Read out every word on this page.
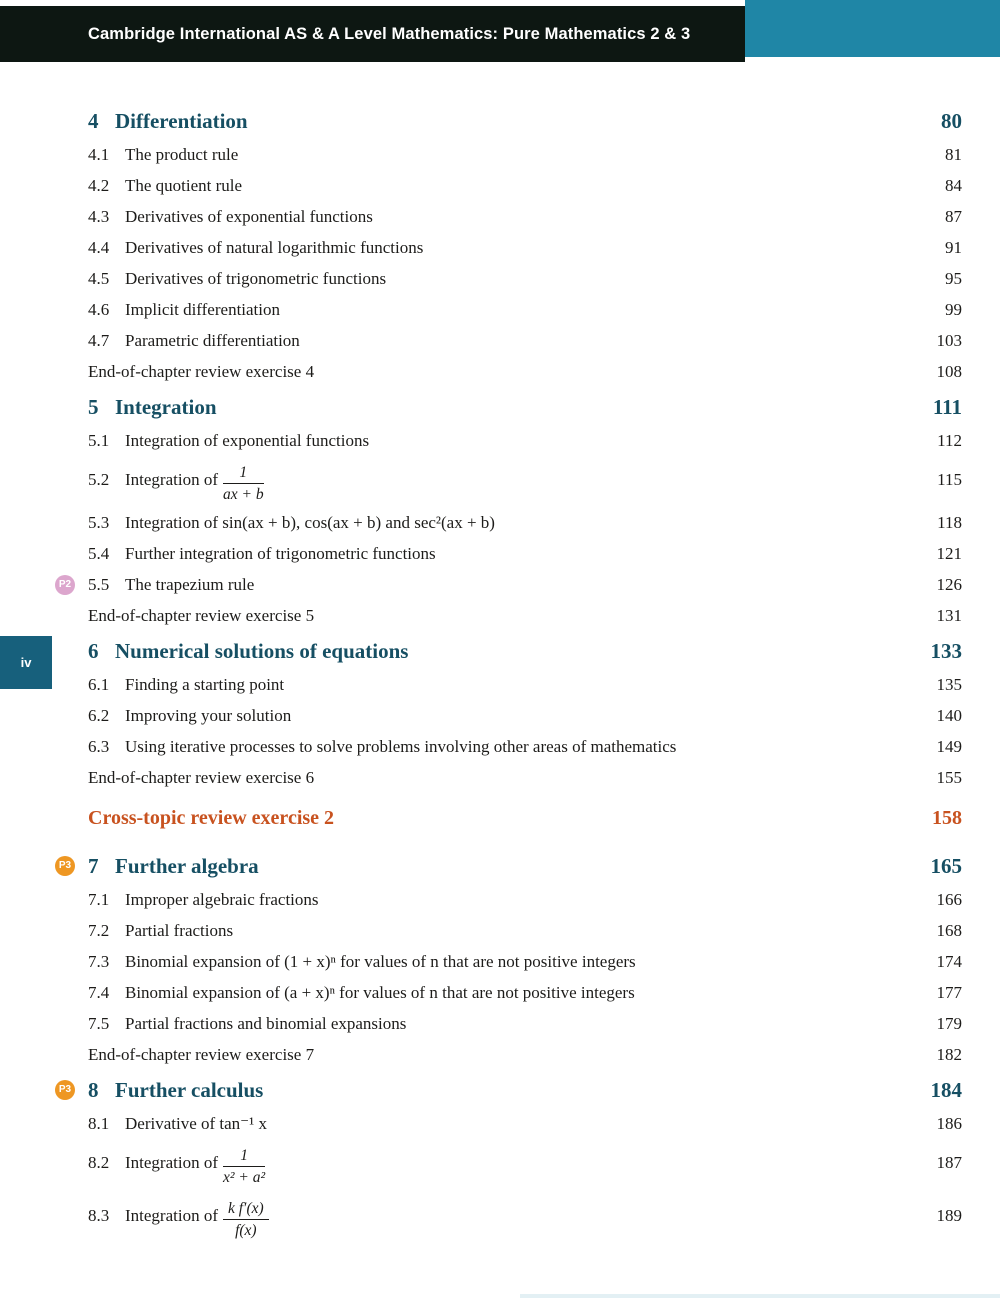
Cambridge International AS & A Level Mathematics: Pure Mathematics 2 & 3
iv
4 Differentiation	80
4.1 The product rule	81
4.2 The quotient rule	84
4.3 Derivatives of exponential functions	87
4.4 Derivatives of natural logarithmic functions	91
4.5 Derivatives of trigonometric functions	95
4.6 Implicit differentiation	99
4.7 Parametric differentiation	103
End-of-chapter review exercise 4	108
5 Integration	111
5.1 Integration of exponential functions	112
5.2 Integration of $\frac{1}{ax + b}$	115
5.3 Integration of sin(ax + b), cos(ax + b) and sec²(ax + b)	118
5.4 Further integration of trigonometric functions	121
P2 5.5 The trapezium rule	126
End-of-chapter review exercise 5	131
6 Numerical solutions of equations	133
6.1 Finding a starting point	135
6.2 Improving your solution	140
6.3 Using iterative processes to solve problems involving other areas of mathematics	149
End-of-chapter review exercise 6	155
Cross-topic review exercise 2	158
P3 7 Further algebra	165
7.1 Improper algebraic fractions	166
7.2 Partial fractions	168
7.3 Binomial expansion of (1 + x)ⁿ for values of n that are not positive integers	174
7.4 Binomial expansion of (a + x)ⁿ for values of n that are not positive integers	177
7.5 Partial fractions and binomial expansions	179
End-of-chapter review exercise 7	182
P3 8 Further calculus	184
8.1 Derivative of tan⁻¹ x	186
8.2 Integration of $\frac{1}{\text{x² + a²}}$	187
8.3 Integration of $\frac{\text{k f′(x)}}{f(x)}$	189
